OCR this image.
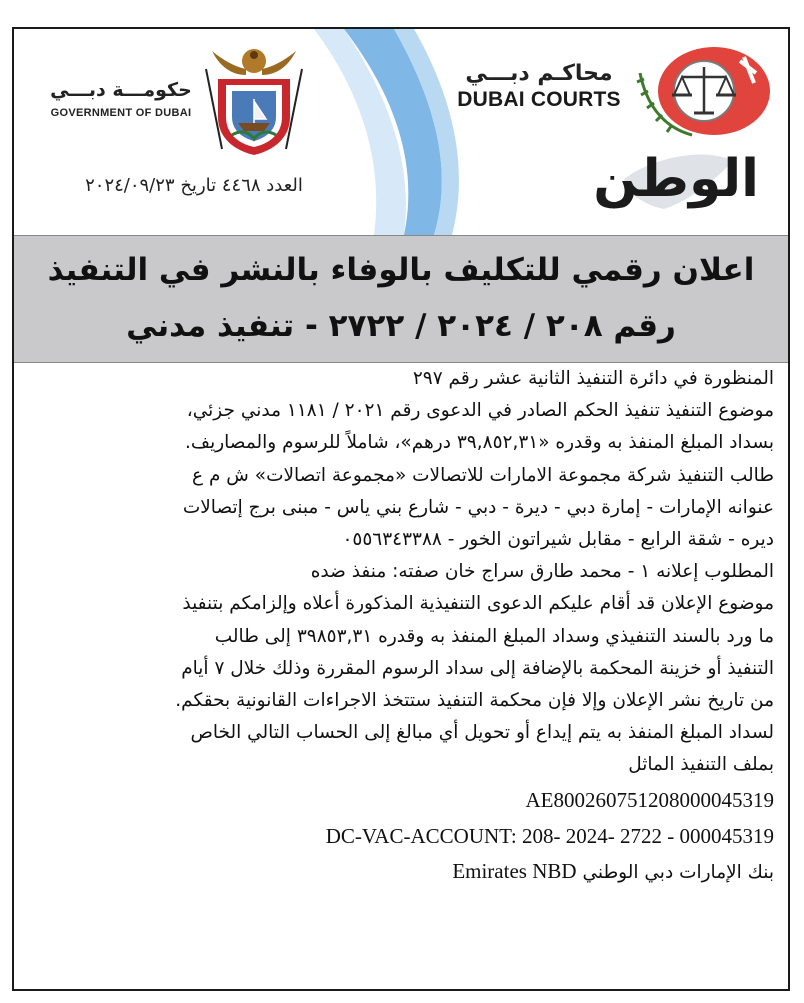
حكومـــة دبـــي
GOVERNMENT OF DUBAI
محاكـم دبـــي
DUBAI COURTS
العدد ٤٤٦٨ تاريخ ٢٠٢٤/٠٩/٢٣	الوطن
اعلان رقمي للتكليف بالوفاء بالنشر في التنفيذ
رقم ٢٠٨ / ٢٠٢٤ / ٢٧٢٢ - تنفيذ مدني
المنظورة في دائرة التنفيذ الثانية عشر رقم ٢٩٧
موضوع التنفيذ تنفيذ الحكم الصادر في الدعوى رقم ٢٠٢١ / ١١٨١ مدني جزئي،
بسداد المبلغ المنفذ به وقدره «٣٩,٨٥٢,٣١ درهم»، شاملاً للرسوم والمصاريف.
طالب التنفيذ شركة مجموعة الامارات للاتصالات «مجموعة اتصالات» ش م ع
عنوانه الإمارات - إمارة دبي - ديرة - دبي - شارع بني ياس - مبنى برج إتصالات
ديره - شقة الرابع - مقابل شيراتون الخور - ٠٥٥٦٣٤٣٣٨٨
المطلوب إعلانه ١ - محمد طارق سراج خان صفته: منفذ ضده
موضوع الإعلان قد أقام عليكم الدعوى التنفيذية المذكورة أعلاه وإلزامكم بتنفيذ
ما ورد بالسند التنفيذي وسداد المبلغ المنفذ به وقدره ٣٩٨٥٣,٣١ إلى طالب
التنفيذ أو خزينة المحكمة بالإضافة إلى سداد الرسوم المقررة وذلك خلال ٧ أيام
من تاريخ نشر الإعلان وإلا فإن محكمة التنفيذ ستتخذ الاجراءات القانونية بحقكم.
لسداد المبلغ المنفذ به يتم إيداع أو تحويل أي مبالغ إلى الحساب التالي الخاص
بملف التنفيذ الماثل
AE800260751208000045319
DC-VAC-ACCOUNT: 208- 2024- 2722 - 000045319
بنك الإمارات دبي الوطني Emirates NBD
